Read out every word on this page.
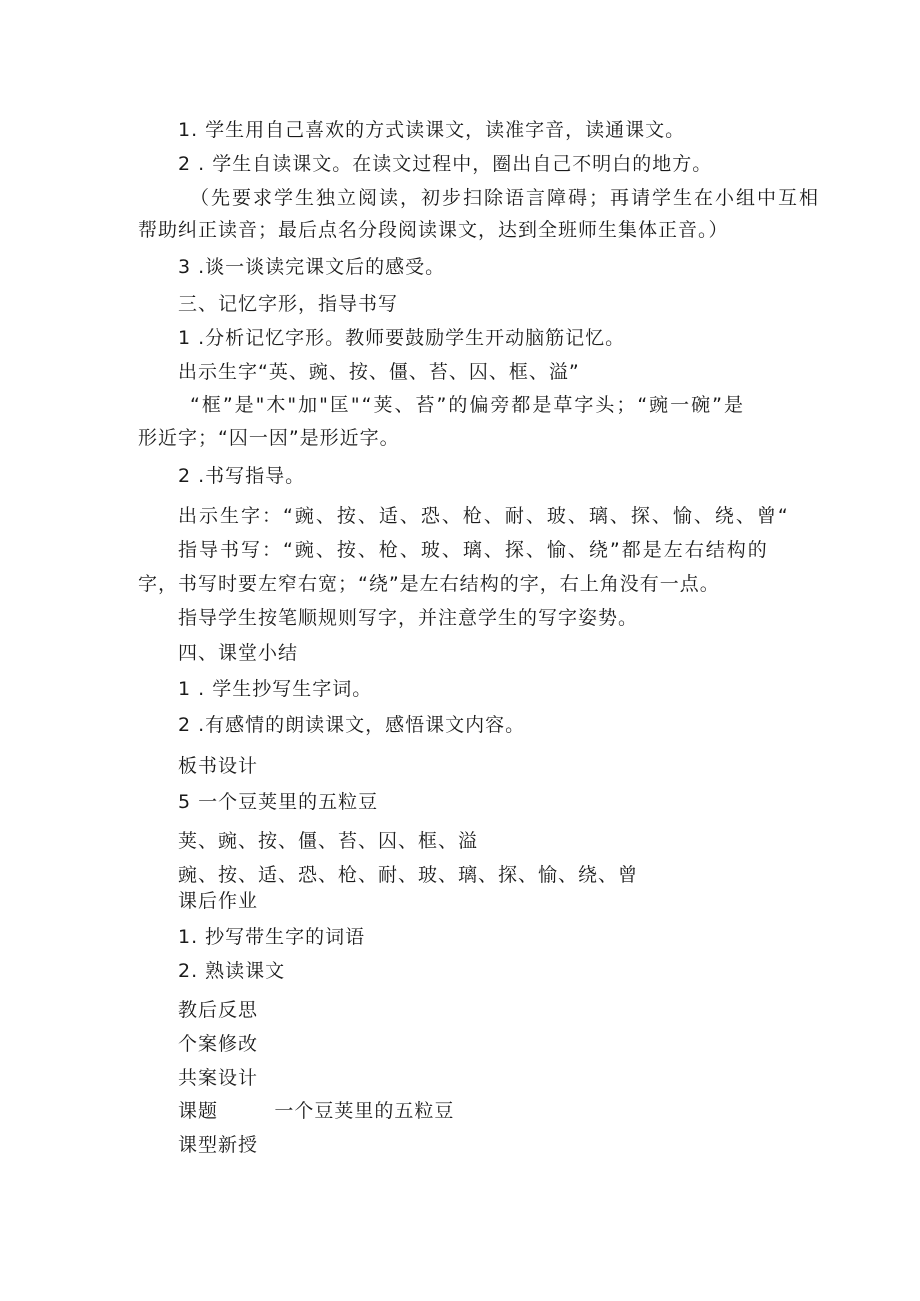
1. 学生用自己喜欢的方式读课文，读准字音，读通课文。
2 . 学生自读课文。在读文过程中，圈出自己不明白的地方。
（先要求学生独立阅读，初步扫除语言障碍；再请学生在小组中互相
帮助纠正读音；最后点名分段阅读课文，达到全班师生集体正音。）
3 .谈一谈读完课文后的感受。
三、记忆字形，指导书写
1 .分析记忆字形。教师要鼓励学生开动脑筋记忆。
出示生字“英、豌、按、僵、苔、囚、框、溢”
“框”是"木"加"匡"“荚、苔”的偏旁都是草字头；“豌一碗”是
形近字；“囚一因”是形近字。
2 .书写指导。
出示生字：“豌、按、适、恐、枪、耐、玻、璃、探、愉、绕、曾“
指导书写：“豌、按、枪、玻、璃、探、愉、绕”都是左右结构的
字，书写时要左窄右宽；“绕”是左右结构的字，右上角没有一点。
指导学生按笔顺规则写字，并注意学生的写字姿势。
四、课堂小结
1 . 学生抄写生字词。
2 .有感情的朗读课文，感悟课文内容。
板书设计
5 一个豆荚里的五粒豆
荚、豌、按、僵、苔、囚、框、溢
豌、按、适、恐、枪、耐、玻、璃、探、愉、绕、曾
课后作业
1. 抄写带生字的词语
2. 熟读课文
教后反思
个案修改
共案设计
课题        一个豆荚里的五粒豆
课型新授
